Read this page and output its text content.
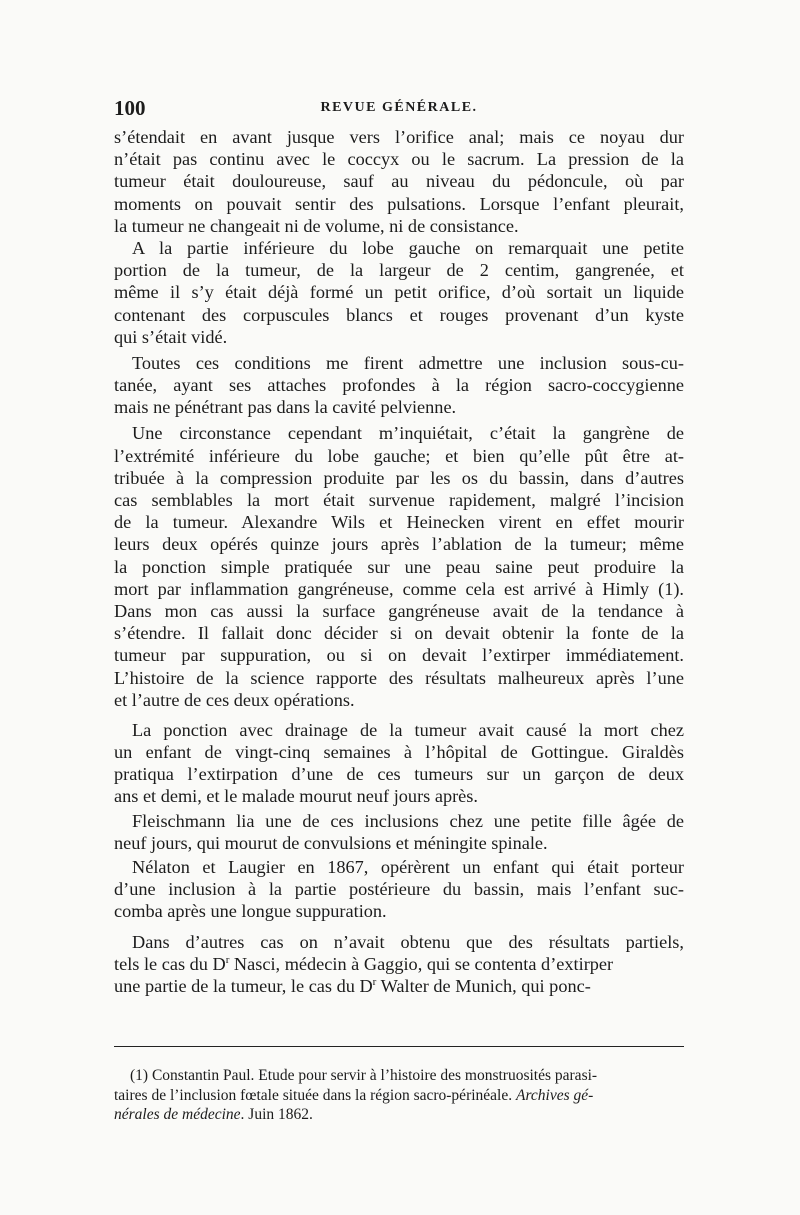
100	REVUE GÉNÉRALE.
s’étendait en avant jusque vers l’orifice anal; mais ce noyau dur
n’était pas continu avec le coccyx ou le sacrum. La pression de la
tumeur était douloureuse, sauf au niveau du pédoncule, où par
moments on pouvait sentir des pulsations. Lorsque l’enfant pleurait,
la tumeur ne changeait ni de volume, ni de consistance.
A la partie inférieure du lobe gauche on remarquait une petite
portion de la tumeur, de la largeur de 2 centim, gangrenée, et
même il s’y était déjà formé un petit orifice, d’où sortait un liquide
contenant des corpuscules blancs et rouges provenant d’un kyste
qui s’était vidé.
Toutes ces conditions me firent admettre une inclusion sous-cu-
tanée, ayant ses attaches profondes à la région sacro-coccygienne
mais ne pénétrant pas dans la cavité pelvienne.
Une circonstance cependant m’inquiétait, c’était la gangrène de
l’extrémité inférieure du lobe gauche; et bien qu’elle pût être at-
tribuée à la compression produite par les os du bassin, dans d’autres
cas semblables la mort était survenue rapidement, malgré l’incision
de la tumeur. Alexandre Wils et Heinecken virent en effet mourir
leurs deux opérés quinze jours après l’ablation de la tumeur; même
la ponction simple pratiquée sur une peau saine peut produire la
mort par inflammation gangréneuse, comme cela est arrivé à Himly (1).
Dans mon cas aussi la surface gangréneuse avait de la tendance à
s’étendre. Il fallait donc décider si on devait obtenir la fonte de la
tumeur par suppuration, ou si on devait l’extirper immédiatement.
L’histoire de la science rapporte des résultats malheureux après l’une
et l’autre de ces deux opérations.
La ponction avec drainage de la tumeur avait causé la mort chez
un enfant de vingt-cinq semaines à l’hôpital de Gottingue. Giraldès
pratiqua l’extirpation d’une de ces tumeurs sur un garçon de deux
ans et demi, et le malade mourut neuf jours après.
Fleischmann lia une de ces inclusions chez une petite fille âgée de
neuf jours, qui mourut de convulsions et méningite spinale.
Nélaton et Laugier en 1867, opérèrent un enfant qui était porteur
d’une inclusion à la partie postérieure du bassin, mais l’enfant suc-
comba après une longue suppuration.
Dans d’autres cas on n’avait obtenu que des résultats partiels,
tels le cas du $D^r$ Nasci, médecin à Gaggio, qui se contenta d’extirper
une partie de la tumeur, le cas du $D^r$ Walter de Munich, qui ponc-
(1) Constantin Paul. Etude pour servir à l’histoire des monstruosités parasi-
taires de l’inclusion fœtale située dans la région sacro-périnéale. Archives gé-
nérales de médecine. Juin 1862.
